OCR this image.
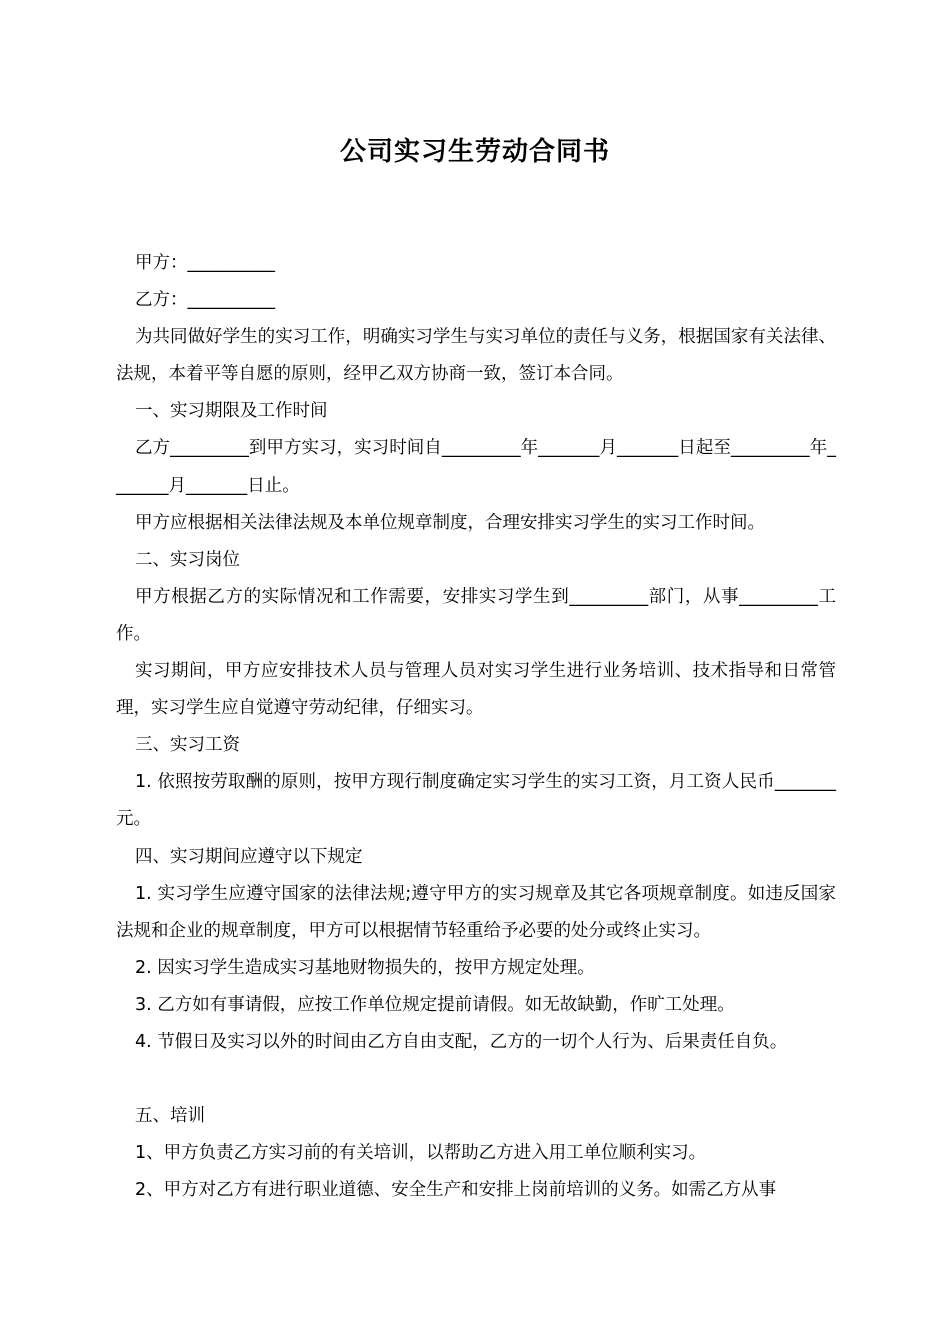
公司实习生劳动合同书

甲方：__________

乙方：__________

为共同做好学生的实习工作，明确实习学生与实习单位的责任与义务，根据国家有关法律、法规，本着平等自愿的原则，经甲乙双方协商一致，签订本合同。

一、实习期限及工作时间

乙方_________到甲方实习，实习时间自_________年_______月_______日起至_________年_______月_______日止。

甲方应根据相关法律法规及本单位规章制度，合理安排实习学生的实习工作时间。

二、实习岗位

甲方根据乙方的实际情况和工作需要，安排实习学生到_________部门，从事_________工作。

实习期间，甲方应安排技术人员与管理人员对实习学生进行业务培训、技术指导和日常管理，实习学生应自觉遵守劳动纪律，仔细实习。

三、实习工资

1. 依照按劳取酬的原则，按甲方现行制度确定实习学生的实习工资，月工资人民币_______元。

四、实习期间应遵守以下规定

1. 实习学生应遵守国家的法律法规;遵守甲方的实习规章及其它各项规章制度。如违反国家法规和企业的规章制度，甲方可以根据情节轻重给予必要的处分或终止实习。

2. 因实习学生造成实习基地财物损失的，按甲方规定处理。

3. 乙方如有事请假，应按工作单位规定提前请假。如无故缺勤，作旷工处理。

4. 节假日及实习以外的时间由乙方自由支配，乙方的一切个人行为、后果责任自负。

五、培训

1、甲方负责乙方实习前的有关培训，以帮助乙方进入用工单位顺利实习。

2、甲方对乙方有进行职业道德、安全生产和安排上岗前培训的义务。如需乙方从事
